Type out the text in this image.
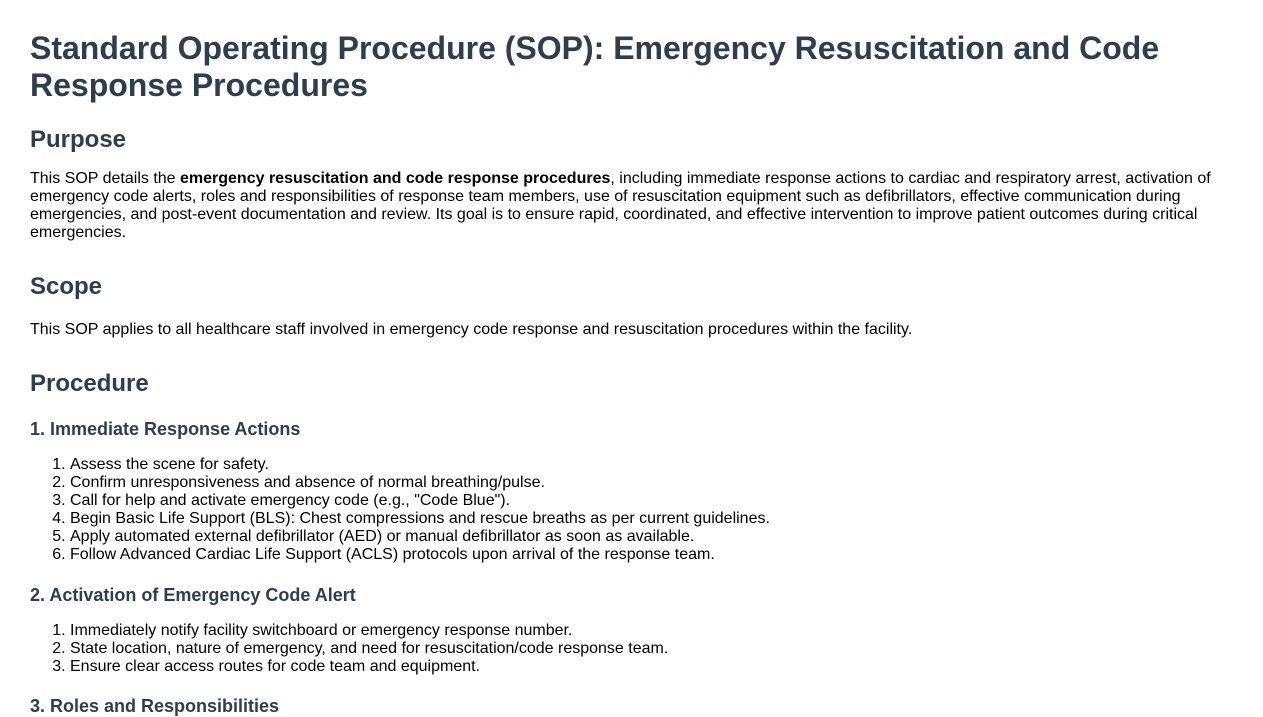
Standard Operating Procedure (SOP): Emergency Resuscitation and Code Response Procedures
Purpose

This SOP details the emergency resuscitation and code response procedures, including immediate response actions to cardiac and respiratory arrest, activation of emergency code alerts, roles and responsibilities of response team members, use of resuscitation equipment such as defibrillators, effective communication during emergencies, and post-event documentation and review. Its goal is to ensure rapid, coordinated, and effective intervention to improve patient outcomes during critical emergencies.

Scope

This SOP applies to all healthcare staff involved in emergency code response and resuscitation procedures within the facility.

Procedure
1. Immediate Response Actions
1. Assess the scene for safety.
2. Confirm unresponsiveness and absence of normal breathing/pulse.
3. Call for help and activate emergency code (e.g., "Code Blue").
4. Begin Basic Life Support (BLS): Chest compressions and rescue breaths as per current guidelines.
5. Apply automated external defibrillator (AED) or manual defibrillator as soon as available.
6. Follow Advanced Cardiac Life Support (ACLS) protocols upon arrival of the response team.
2. Activation of Emergency Code Alert
1. Immediately notify facility switchboard or emergency response number.
2. State location, nature of emergency, and need for resuscitation/code response team.
3. Ensure clear access routes for code team and equipment.
3. Roles and Responsibilities
